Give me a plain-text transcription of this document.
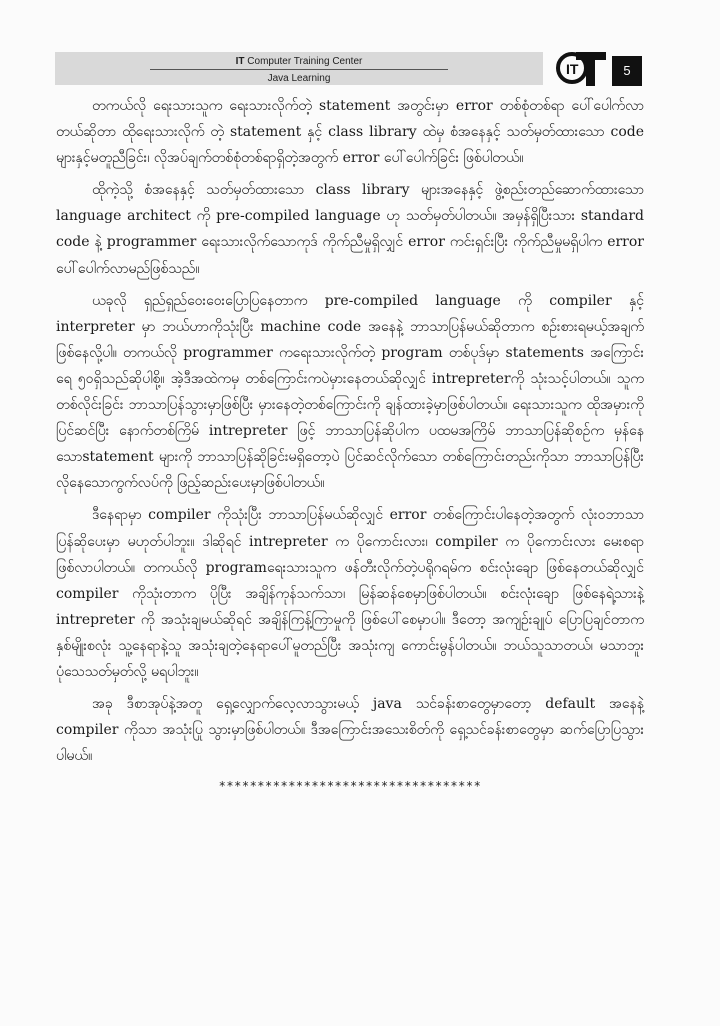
IT Computer Training Center
Java Learning
IT	5

တကယ်လို ရေးသားသူက ရေးသားလိုက်တဲ့ statement အတွင်းမှာ error တစ်စုံတစ်ရာ ပေါ်ပေါက်လာတယ်ဆိုတာ ထိုရေးသားလိုက် တဲ့ statement နှင့် class library ထဲမှ စံအနေနှင့် သတ်မှတ်ထားသော code များနှင့်မတူညီခြင်း၊ လိုအပ်ချက်တစ်စုံတစ်ရာရှိတဲ့အတွက် error ပေါ်ပေါက်ခြင်း ဖြစ်ပါတယ်။

ထိုကဲ့သို့ စံအနေနှင့် သတ်မှတ်ထားသော class library များအနေနှင့် ဖွဲ့စည်းတည်ဆောက်ထားသော language architect ကို pre-compiled language ဟု သတ်မှတ်ပါတယ်။ အမှန်ရှိပြီးသား standard code နဲ့ programmer ရေးသားလိုက်သောကုဒ် ကိုက်ညီမှုရှိလျှင် error ကင်းရှင်းပြီး ကိုက်ညီမှုမရှိပါက error ပေါ်ပေါက်လာမည်ဖြစ်သည်။

ယခုလို ရှည်ရှည်ဝေးဝေးပြောပြနေတာက pre-compiled language ကို compiler နှင့် interpreter မှာ ဘယ်ဟာကိုသုံးပြီး machine code အနေနဲ့ ဘာသာပြန်မယ်ဆိုတာက စဉ်းစားရမယ့်အချက်ဖြစ်နေလို့ပါ။ တကယ်လို programmer ကရေးသားလိုက်တဲ့ program တစ်ပုဒ်မှာ statements အကြောင်းရေ ၅၀ရှိသည်ဆိုပါစို့။ အဲ့ဒီအထဲကမှ တစ်ကြောင်းကပဲမှားနေတယ်ဆိုလျှင် intrepreterကို သုံးသင့်ပါတယ်။ သူက တစ်လိုင်းခြင်း ဘာသာပြန်သွားမှာဖြစ်ပြီး မှားနေတဲ့တစ်ကြောင်းကို ချန်ထားခဲ့မှာဖြစ်ပါတယ်။ ရေးသားသူက ထိုအမှားကို ပြင်ဆင်ပြီး နောက်တစ်ကြိမ် intrepreter ဖြင့် ဘာသာပြန်ဆိုပါက ပထမအကြိမ် ဘာသာပြန်ဆိုစဉ်က မှန်နေသောstatement များကို ဘာသာပြန်ဆိုခြင်းမရှိတော့ပဲ ပြင်ဆင်လိုက်သော တစ်ကြောင်းတည်းကိုသာ ဘာသာပြန်ပြီး လိုနေသောကွက်လပ်ကို ဖြည့်ဆည်းပေးမှာဖြစ်ပါတယ်။

ဒီနေရာမှာ compiler ကိုသုံးပြီး ဘာသာပြန်မယ်ဆိုလျှင် error တစ်ကြောင်းပါနေတဲ့အတွက် လုံးဝဘာသာ ပြန်ဆိုပေးမှာ မဟုတ်ပါဘူး။ ဒါဆိုရင် intrepreter က ပိုကောင်းလား၊ compiler က ပိုကောင်းလား မေးစရာဖြစ်လာပါတယ်။ တကယ်လို programရေးသားသူက ဖန်တီးလိုက်တဲ့ပရိုဂရမ်က စင်းလုံးချော ဖြစ်နေတယ်ဆိုလျှင် compiler ကိုသုံးတာက ပိုပြီး အချိန်ကုန်သက်သာ၊ မြန်ဆန်စေမှာဖြစ်ပါတယ်။ စင်းလုံးချော ဖြစ်နေရဲ့သားနဲ့ intrepreter ကို အသုံးချမယ်ဆိုရင် အချိန်ကြန့်ကြာမှုကို ဖြစ်ပေါ်စေမှာပါ။ ဒီတော့ အကျဉ်းချုပ် ပြောပြချင်တာက နှစ်မျိုးစလုံး သူ့နေရာနဲ့သူ အသုံးချတဲ့နေရာပေါ်မူတည်ပြီး အသုံးကျ ကောင်းမွန်ပါတယ်။ ဘယ်သူသာတယ်၊ မသာဘူး ပုံသေသတ်မှတ်လို့ မရပါဘူး။

အခု ဒီစာအုပ်နဲ့အတူ ရှေ့လျှောက်လေ့လာသွားမယ့် java သင်ခန်းစာတွေမှာတော့ default အနေနဲ့ compiler ကိုသာ အသုံးပြု သွားမှာဖြစ်ပါတယ်။ ဒီအကြောင်းအသေးစိတ်ကို ရှေ့သင်ခန်းစာတွေမှာ ဆက်ပြောပြသွားပါမယ်။

**********************************
